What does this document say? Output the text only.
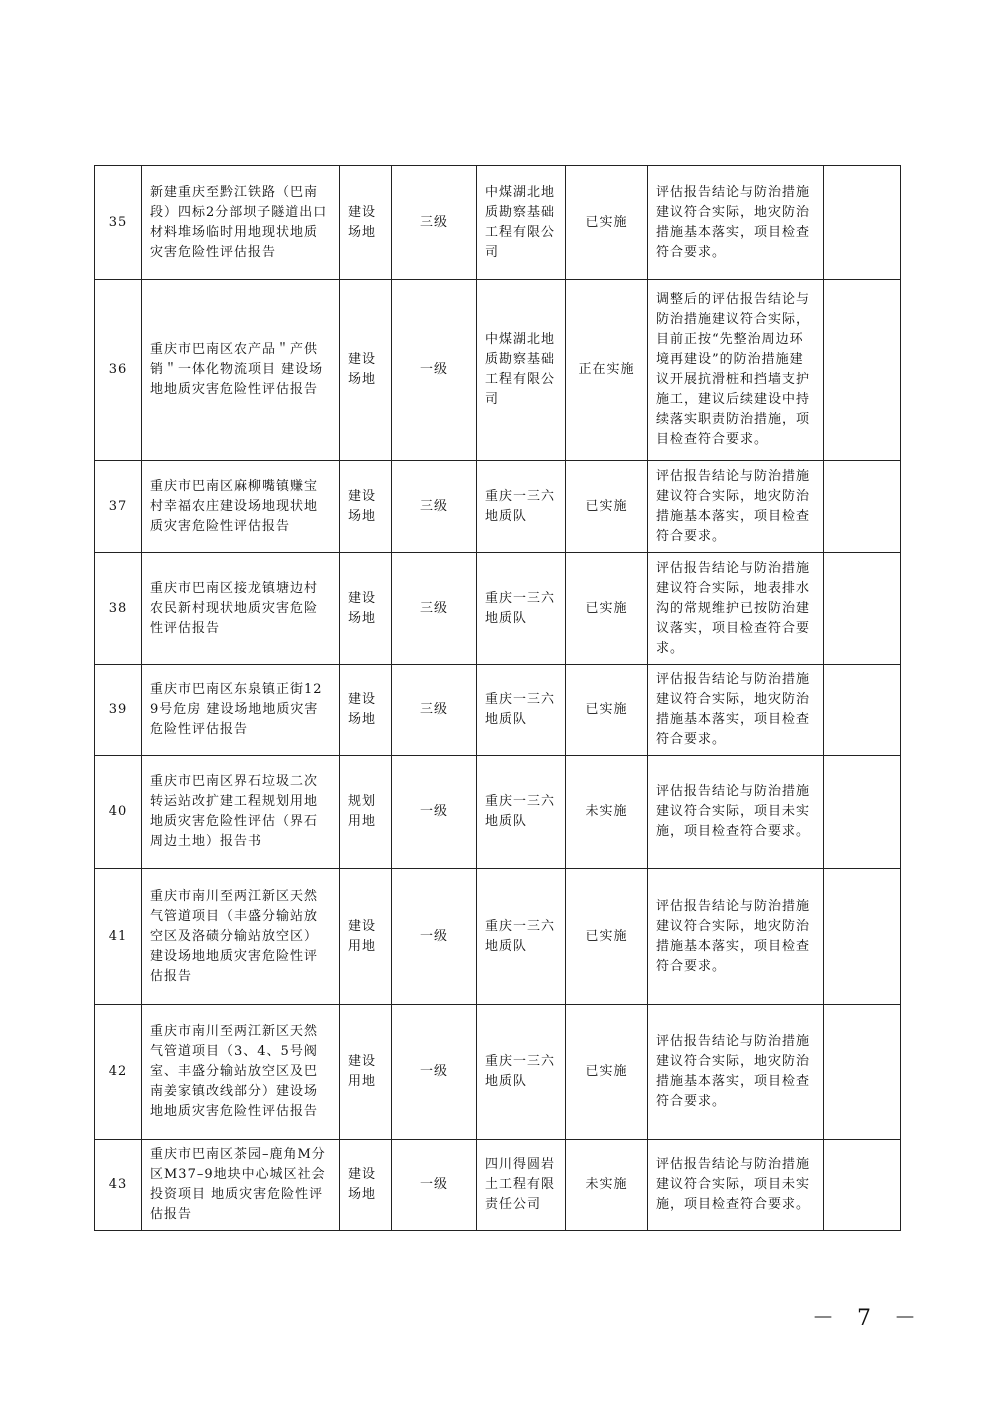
35	新建重庆至黔江铁路（巴南段）四标2分部坝子隧道出口材料堆场临时用地现状地质灾害危险性评估报告	建设场地	三级	中煤湖北地质勘察基础工程有限公司	已实施	评估报告结论与防治措施建议符合实际，地灾防治措施基本落实，项目检查符合要求。	
36	重庆市巴南区农产品＂产供销＂一体化物流项目 建设场地地质灾害危险性评估报告	建设场地	一级	中煤湖北地质勘察基础工程有限公司	正在实施	调整后的评估报告结论与防治措施建议符合实际，目前正按“先整治周边环境再建设”的防治措施建议开展抗滑桩和挡墙支护施工，建议后续建设中持续落实职责防治措施，项目检查符合要求。	
37	重庆市巴南区麻柳嘴镇赚宝村幸福农庄建设场地现状地质灾害危险性评估报告	建设场地	三级	重庆一三六地质队	已实施	评估报告结论与防治措施建议符合实际，地灾防治措施基本落实，项目检查符合要求。	
38	重庆市巴南区接龙镇塘边村农民新村现状地质灾害危险性评估报告	建设场地	三级	重庆一三六地质队	已实施	评估报告结论与防治措施建议符合实际，地表排水沟的常规维护已按防治建议落实，项目检查符合要求。	
39	重庆市巴南区东泉镇正街129号危房 建设场地地质灾害危险性评估报告	建设场地	三级	重庆一三六地质队	已实施	评估报告结论与防治措施建议符合实际，地灾防治措施基本落实，项目检查符合要求。	
40	重庆市巴南区界石垃圾二次转运站改扩建工程规划用地地质灾害危险性评估（界石周边土地）报告书	规划用地	一级	重庆一三六地质队	未实施	评估报告结论与防治措施建议符合实际，项目未实施，项目检查符合要求。	
41	重庆市南川至两江新区天然气管道项目（丰盛分输站放空区及洛碛分输站放空区）建设场地地质灾害危险性评估报告	建设用地	一级	重庆一三六地质队	已实施	评估报告结论与防治措施建议符合实际，地灾防治措施基本落实，项目检查符合要求。	
42	重庆市南川至两江新区天然气管道项目（3、4、5号阀室、丰盛分输站放空区及巴南姜家镇改线部分）建设场地地质灾害危险性评估报告	建设用地	一级	重庆一三六地质队	已实施	评估报告结论与防治措施建议符合实际，地灾防治措施基本落实，项目检查符合要求。	
43	重庆市巴南区茶园–鹿角M分区M37–9地块中心城区社会投资项目 地质灾害危险性评估报告	建设场地	一级	四川得圆岩土工程有限责任公司	未实施	评估报告结论与防治措施建议符合实际，项目未实施，项目检查符合要求。	
－ 7 －
